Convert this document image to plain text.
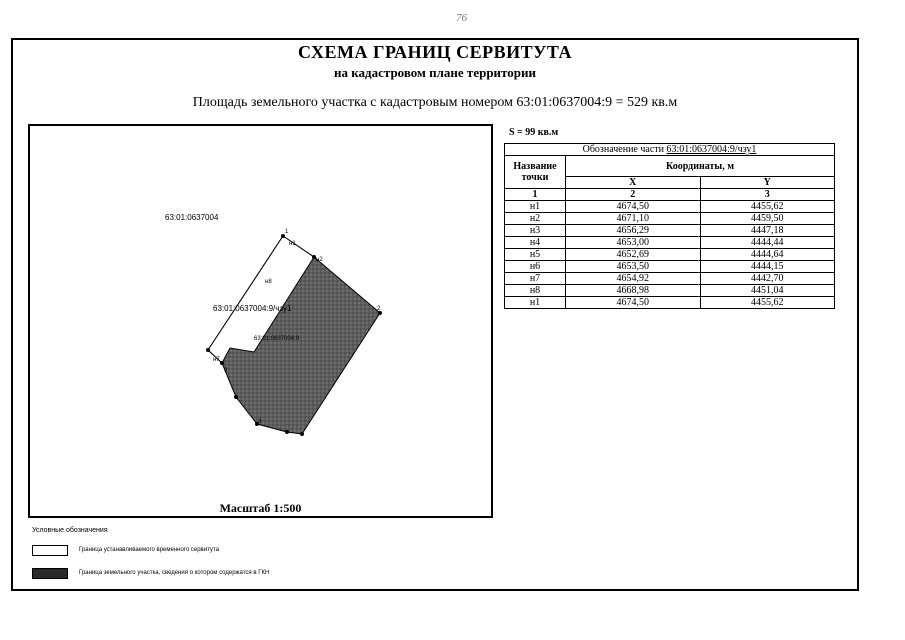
76
СХЕМА ГРАНИЦ СЕРВИТУТА
на кадастровом плане территории
Площадь земельного участка с кадастровым номером 63:01:0637004:9 = 529 кв.м
63:01:0637004
63:01:0637004:9/чзу1
63:01:0637004:9
1
н1
н2
2
н8
н7
9
3
Масштаб 1:500
S = 99 кв.м
Обозначение части 63:01:0637004:9/чзу1		
Название точки	Координаты, м	
	X	Y
1	2	3
н1	4674,50	4455,62
н2	4671,10	4459,50
н3	4656,29	4447,18
н4	4653,00	4444,44
н5	4652,69	4444,64
н6	4653,50	4444,15
н7	4654,92	4442,70
н8	4668,98	4451,04
н1	4674,50	4455,62
Условные обозначения
Граница устанавливаемого временного сервитута
Граница земельного участка, сведения о котором содержатся в ГКН
